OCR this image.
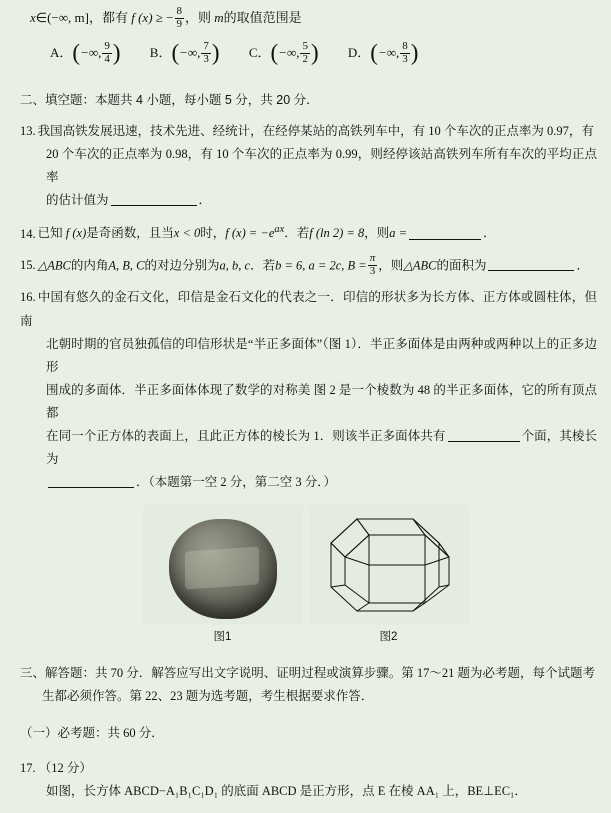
x∈(−∞, m]，都有 f (x) ≥ − $\frac{8}{9}$ ，则 m的取值范围是
A．(−∞, $\frac{9}{4}$ ) B．(−∞, $\frac{7}{3}$ ) C．(−∞, $\frac{5}{2}$ ) D．(−∞, $\frac{8}{3}$ )
二、填空题：本题共 4 小题，每小题 5 分，共 20 分．
13. 我国高铁发展迅速，技术先进、经统计，在经停某站的高铁列车中，有 10 个车次的正点率为 0.97，有
20 个车次的正点率为 0.98，有 10 个车次的正点率为 0.99，则经停该站高铁列车所有车次的平均正点率
的估计值为	．
14. 已知 f (x)是奇函数，且当x < 0时，f $(x) = -e^{ax}$．若f (ln 2) = 8，则a =	．
15. △ABC的内角A, B, C的对边分别为a, b, c．若b = 6, a = 2c, $B = \frac{\pi}{3}$ ，则△ABC的面积为	．
16. 中国有悠久的金石文化，印信是金石文化的代表之一．印信的形状多为长方体、正方体或圆柱体，但南
北朝时期的官员独孤信的印信形状是“半正多面体”（图 1）．半正多面体是由两种或两种以上的正多边形
围成的多面体．半正多面体体现了数学的对称美 图 2 是一个棱数为 48 的半正多面体，它的所有顶点都
在同一个正方体的表面上，且此正方体的棱长为 1．则该半正多面体共有	个面，其棱长为
．（本题第一空 2 分，第二空 3 分．）
图1	图2
三、解答题：共 70 分．解答应写出文字说明、证明过程或演算步骤。第 17～21 题为必考题，每个试题考
生都必须作答。第 22、23 题为选考题，考生根据要求作答．
（一）必考题：共 60 分．
17. （12 分）
如图，长方体 ABCD−A₁B₁C₁D₁ 的底面 ABCD 是正方形，点 E 在棱 AA₁ 上，BE⊥EC₁．
